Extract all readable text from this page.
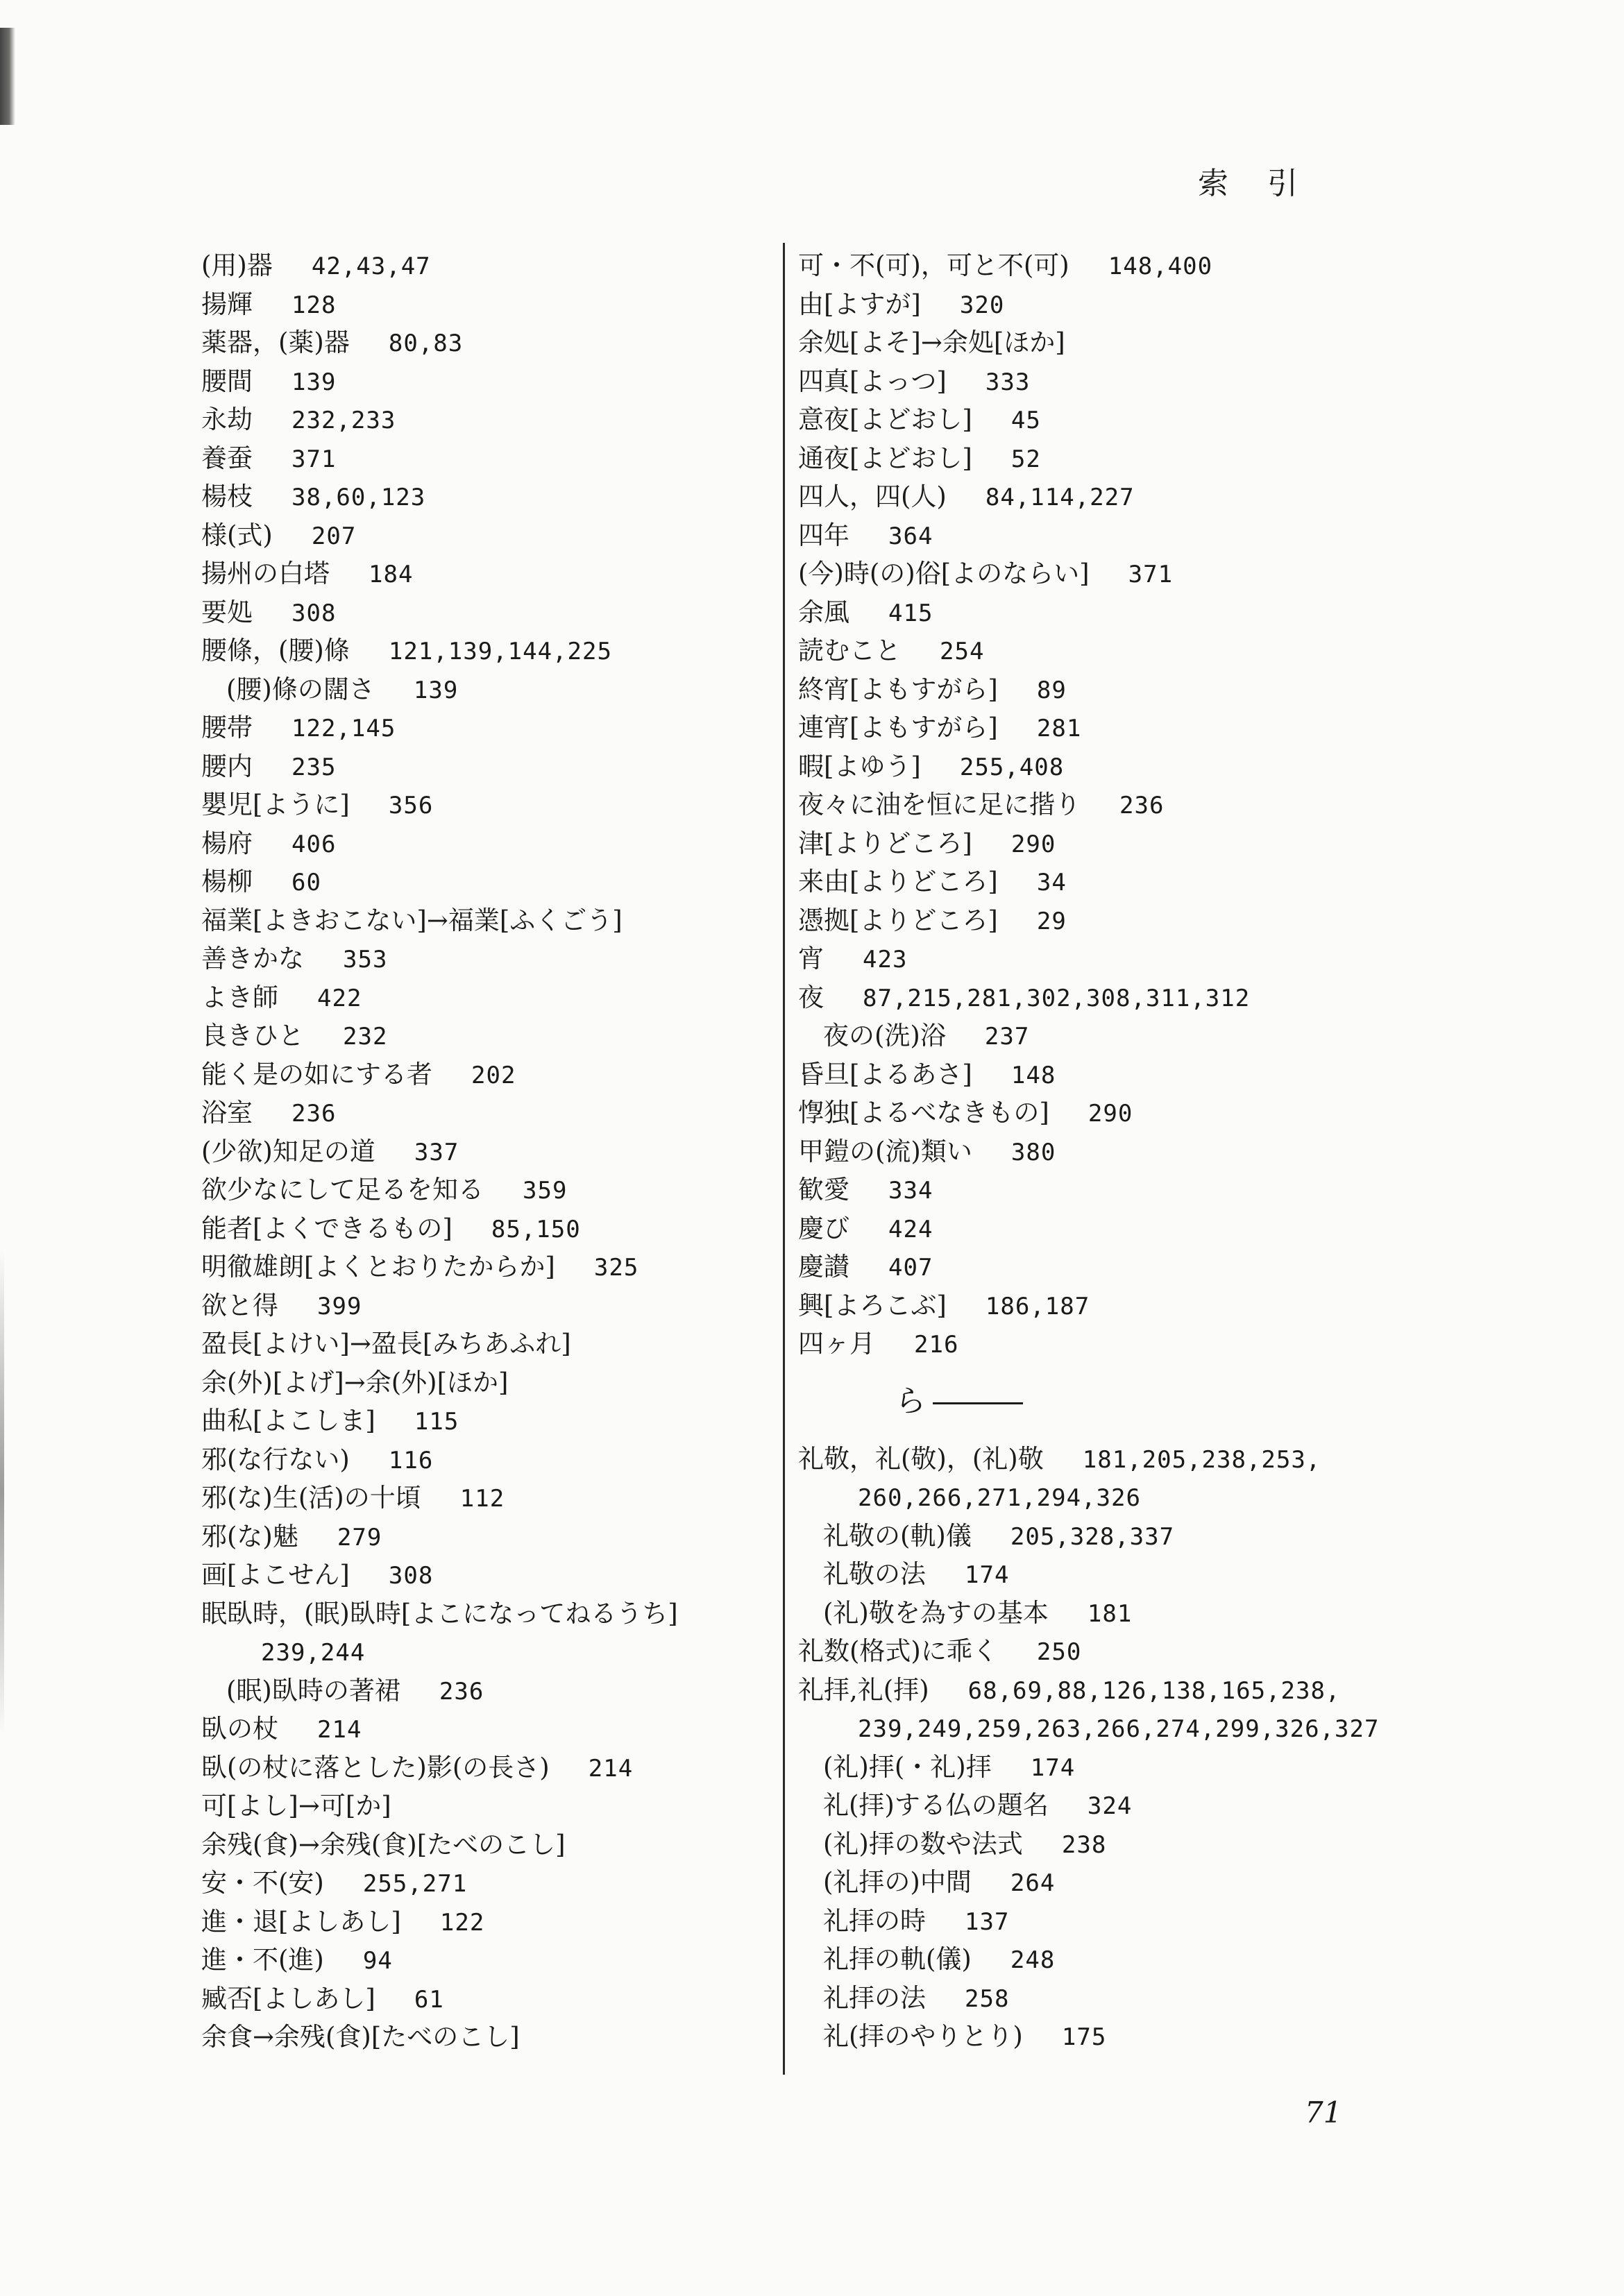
索引
(用)器 42,43,47
揚輝 128
薬器，(薬)器 80,83
腰間 139
永劫 232,233
養蚕 371
楊枝 38,60,123
様(式) 207
揚州の白塔 184
要処 308
腰條，(腰)條 121,139,144,225
(腰)條の闊さ 139
腰帯 122,145
腰内 235
嬰児[ように] 356
楊府 406
楊柳 60
福業[よきおこない]→福業[ふくごう]
善きかな 353
よき師 422
良きひと 232
能く是の如にする者 202
浴室 236
(少欲)知足の道 337
欲少なにして足るを知る 359
能者[よくできるもの] 85,150
明徹雄朗[よくとおりたからか] 325
欲と得 399
盈長[よけい]→盈長[みちあふれ]
余(外)[よげ]→余(外)[ほか]
曲私[よこしま] 115
邪(な行ない) 116
邪(な)生(活)の十頃 112
邪(な)魅 279
画[よこせん] 308
眠臥時，(眠)臥時[よこになってねるうち]
239,244
(眠)臥時の著裙 236
臥の杖 214
臥(の杖に落とした)影(の長さ) 214
可[よし]→可[か]
余残(食)→余残(食)[たべのこし]
安・不(安) 255,271
進・退[よしあし] 122
進・不(進) 94
臧否[よしあし] 61
余食→余残(食)[たべのこし]
可・不(可)，可と不(可) 148,400
由[よすが] 320
余処[よそ]→余処[ほか]
四真[よっつ] 333
意夜[よどおし] 45
通夜[よどおし] 52
四人，四(人) 84,114,227
四年 364
(今)時(の)俗[よのならい] 371
余風 415
読むこと 254
終宵[よもすがら] 89
連宵[よもすがら] 281
暇[よゆう] 255,408
夜々に油を恒に足に揩り 236
津[よりどころ] 290
来由[よりどころ] 34
憑拠[よりどころ] 29
宵 423
夜 87,215,281,302,308,311,312
夜の(洗)浴 237
昏旦[よるあさ] 148
惸独[よるべなきもの] 290
甲鎧の(流)類い 380
歓愛 334
慶び 424
慶讃 407
興[よろこぶ] 186,187
四ヶ月 216
ら
礼敬，礼(敬)，(礼)敬 181,205,238,253,
260,266,271,294,326
礼敬の(軌)儀 205,328,337
礼敬の法 174
(礼)敬を為すの基本 181
礼数(格式)に乖く 250
礼拝,礼(拝) 68,69,88,126,138,165,238,
239,249,259,263,266,274,299,326,327
(礼)拝(・礼)拝 174
礼(拝)する仏の題名 324
(礼)拝の数や法式 238
(礼拝の)中間 264
礼拝の時 137
礼拝の軌(儀) 248
礼拝の法 258
礼(拝のやりとり) 175
71
